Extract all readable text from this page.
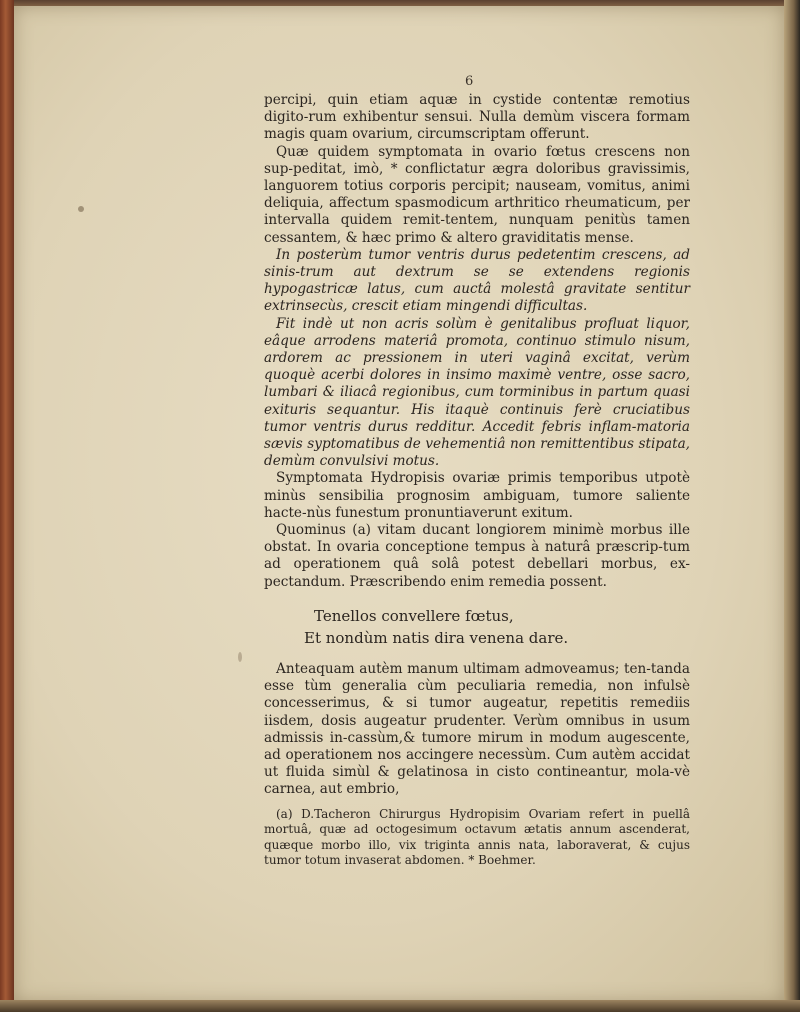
6

percipi, quin etiam aquæ in cystide contentæ remotius digito-rum exhibentur sensui. Nulla demùm viscera formam magis quam ovarium, circumscriptam offerunt.

Quæ quidem symptomata in ovario fœtus crescens non sup-peditat, imò, * conflictatur ægra doloribus gravissimis, languorem totius corporis percipit; nauseam, vomitus, animi deliquia, affectum spasmodicum arthritico rheumaticum, per intervalla quidem remit-tentem, nunquam penitùs tamen cessantem, & hæc primo & altero graviditatis mense.

In posterùm tumor ventris durus pedetentim crescens, ad sinis-trum aut dextrum se se extendens regionis hypogastricæ latus, cum auctâ molestâ gravitate sentitur extrinsecùs, crescit etiam mingendi difficultas.

Fit indè ut non acris solùm è genitalibus profluat liquor, eâque arrodens materiâ promota, continuo stimulo nisum, ardorem ac pressionem in uteri vaginâ excitat, verùm quoquè acerbi dolores in insimo maximè ventre, osse sacro, lumbari & iliacâ regionibus, cum torminibus in partum quasi exituris sequantur. His itaquè continuis ferè cruciatibus tumor ventris durus redditur. Accedit febris inflam-matoria sævis syptomatibus de vehementiâ non remittentibus stipata, demùm convulsivi motus.

Symptomata Hydropisis ovariæ primis temporibus utpotè minùs sensibilia prognosim ambiguam, tumore saliente hacte-nùs funestum pronuntiaverunt exitum.

Quominus (a) vitam ducant longiorem minimè morbus ille obstat. In ovaria conceptione tempus à naturâ præscrip-tum ad operationem quâ solâ potest debellari morbus, ex-pectandum. Præscribendo enim remedia possent.

Tenellos convellere fœtus,
Et nondùm natis dira venena dare.

Anteaquam autèm manum ultimam admoveamus; ten-tanda esse tùm generalia cùm peculiaria remedia, non infulsè concesserimus, & si tumor augeatur, repetitis remediis iisdem, dosis augeatur prudenter. Verùm omnibus in usum admissis in-cassùm,& tumore mirum in modum augescente, ad operationem nos accingere necessùm. Cum autèm accidat ut fluida simùl & gelatinosa in cisto contineantur, mola-vè carnea, aut embrio,

(a) D.Tacheron Chirurgus Hydropisim Ovariam refert in puellâ mortuâ, quæ ad octogesimum octavum ætatis annum ascenderat, quæque morbo illo, vix triginta annis nata, laboraverat, & cujus tumor totum invaserat abdomen. * Boehmer.
